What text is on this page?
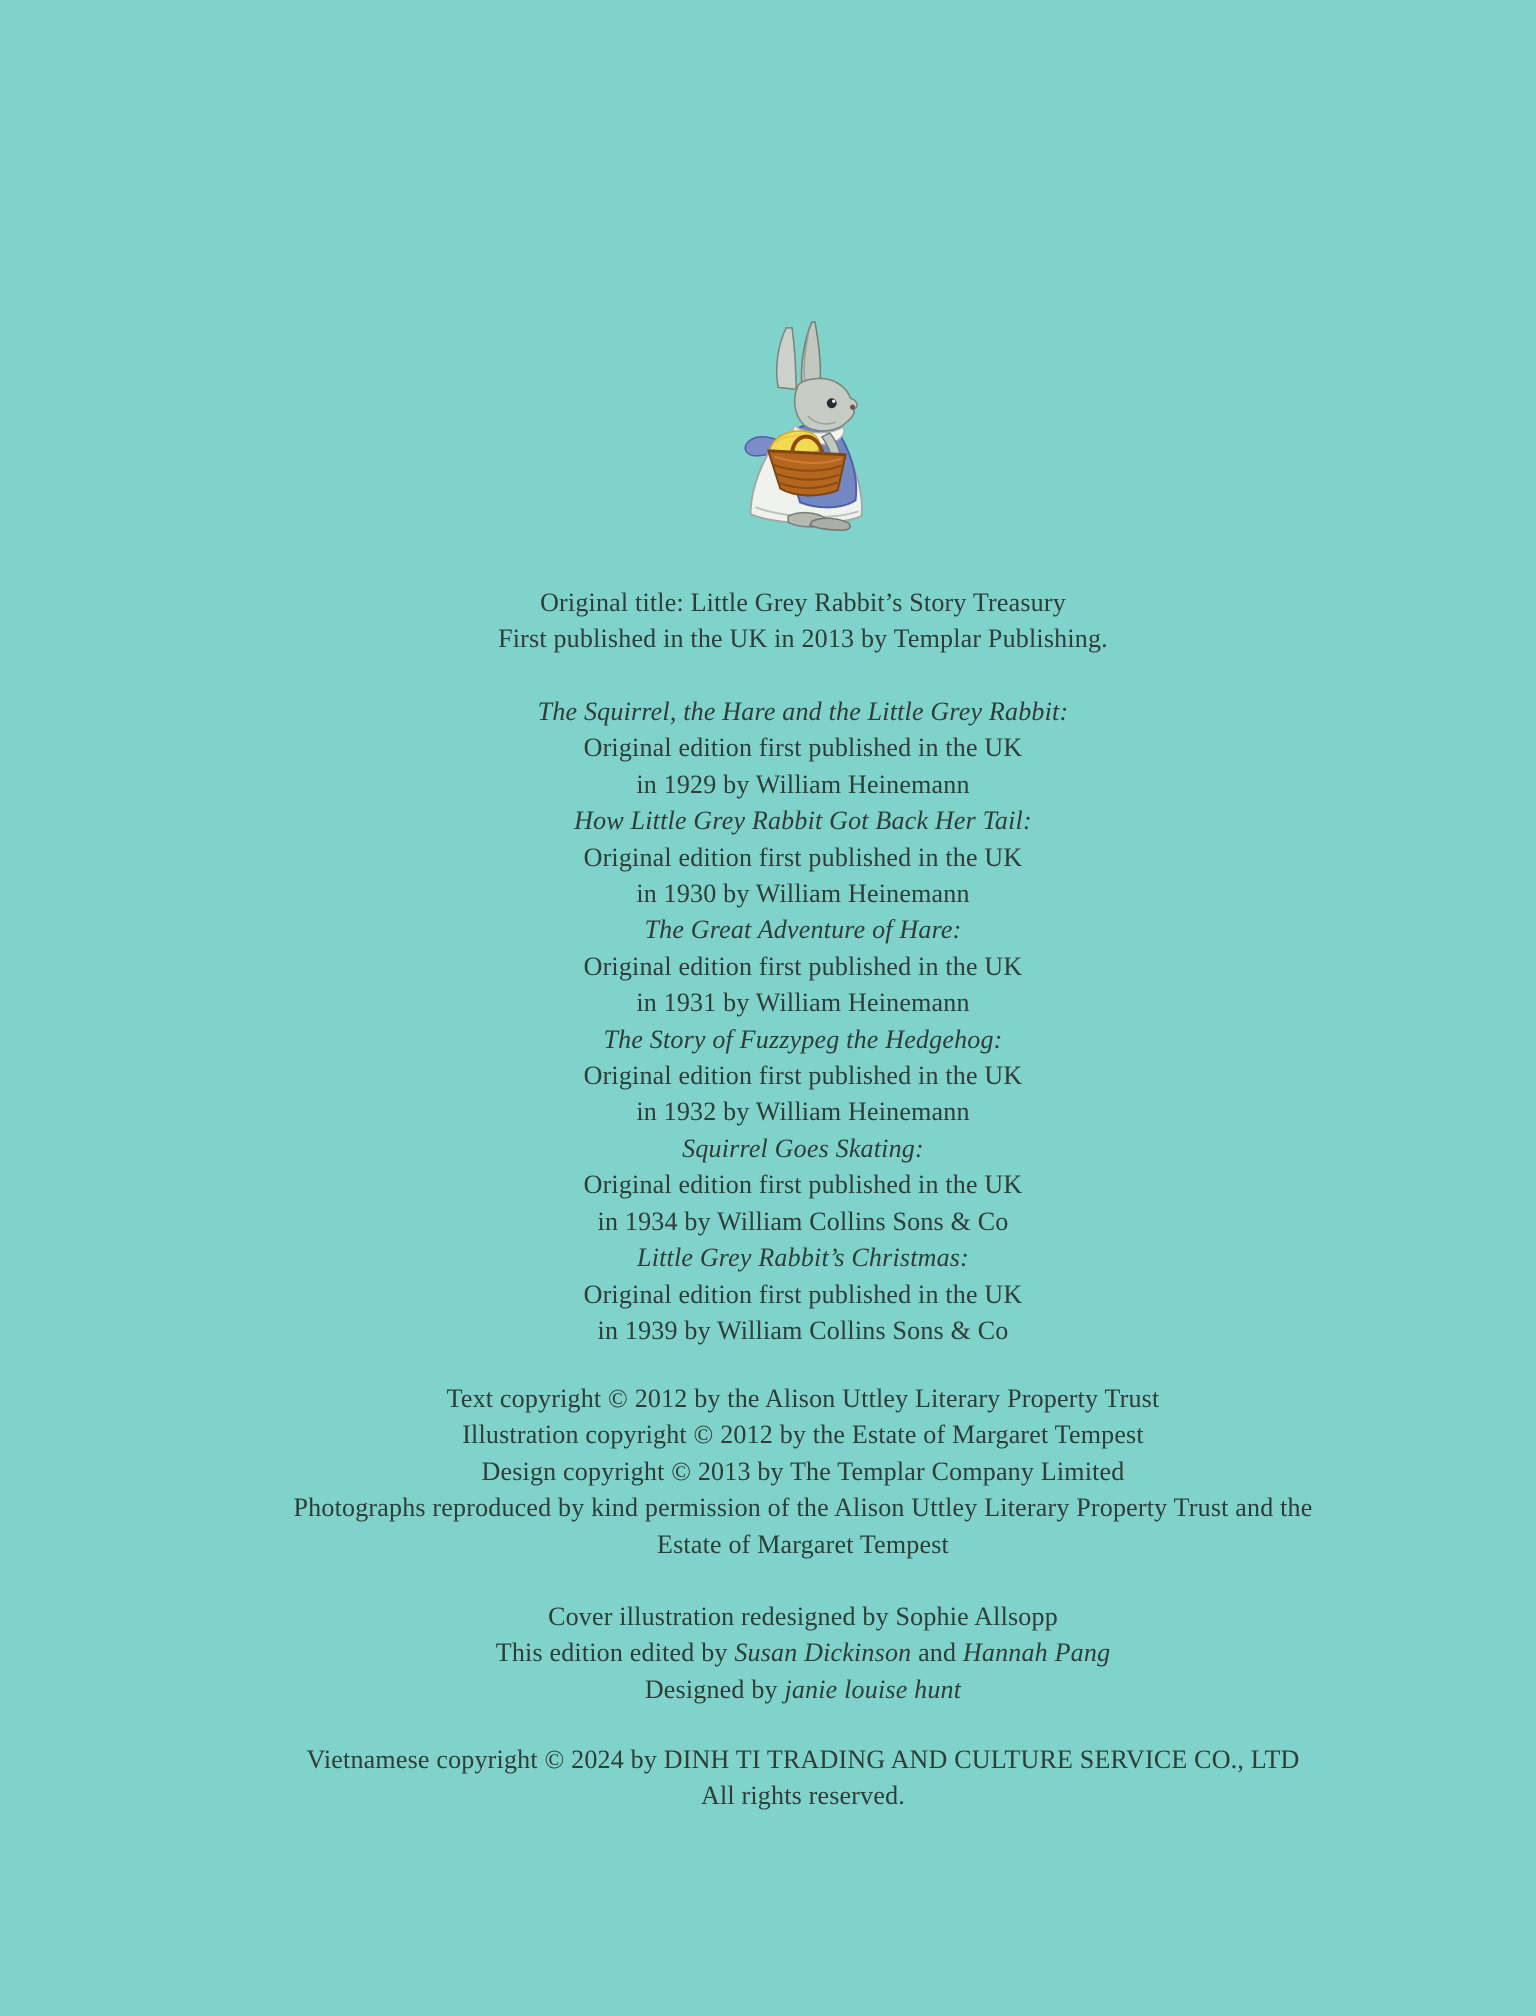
Original title: Little Grey Rabbit’s Story Treasury
First published in the UK in 2013 by Templar Publishing.
The Squirrel, the Hare and the Little Grey Rabbit:
Original edition first published in the UK
in 1929 by William Heinemann
How Little Grey Rabbit Got Back Her Tail:
Original edition first published in the UK
in 1930 by William Heinemann
The Great Adventure of Hare:
Original edition first published in the UK
in 1931 by William Heinemann
The Story of Fuzzypeg the Hedgehog:
Original edition first published in the UK
in 1932 by William Heinemann
Squirrel Goes Skating:
Original edition first published in the UK
in 1934 by William Collins Sons & Co
Little Grey Rabbit’s Christmas:
Original edition first published in the UK
in 1939 by William Collins Sons & Co
Text copyright © 2012 by the Alison Uttley Literary Property Trust
Illustration copyright © 2012 by the Estate of Margaret Tempest
Design copyright © 2013 by The Templar Company Limited
Photographs reproduced by kind permission of the Alison Uttley Literary Property Trust and the
Estate of Margaret Tempest
Cover illustration redesigned by Sophie Allsopp
This edition edited by Susan Dickinson and Hannah Pang
Designed by janie louise hunt
Vietnamese copyright © 2024 by DINH TI TRADING AND CULTURE SERVICE CO., LTD
All rights reserved.
